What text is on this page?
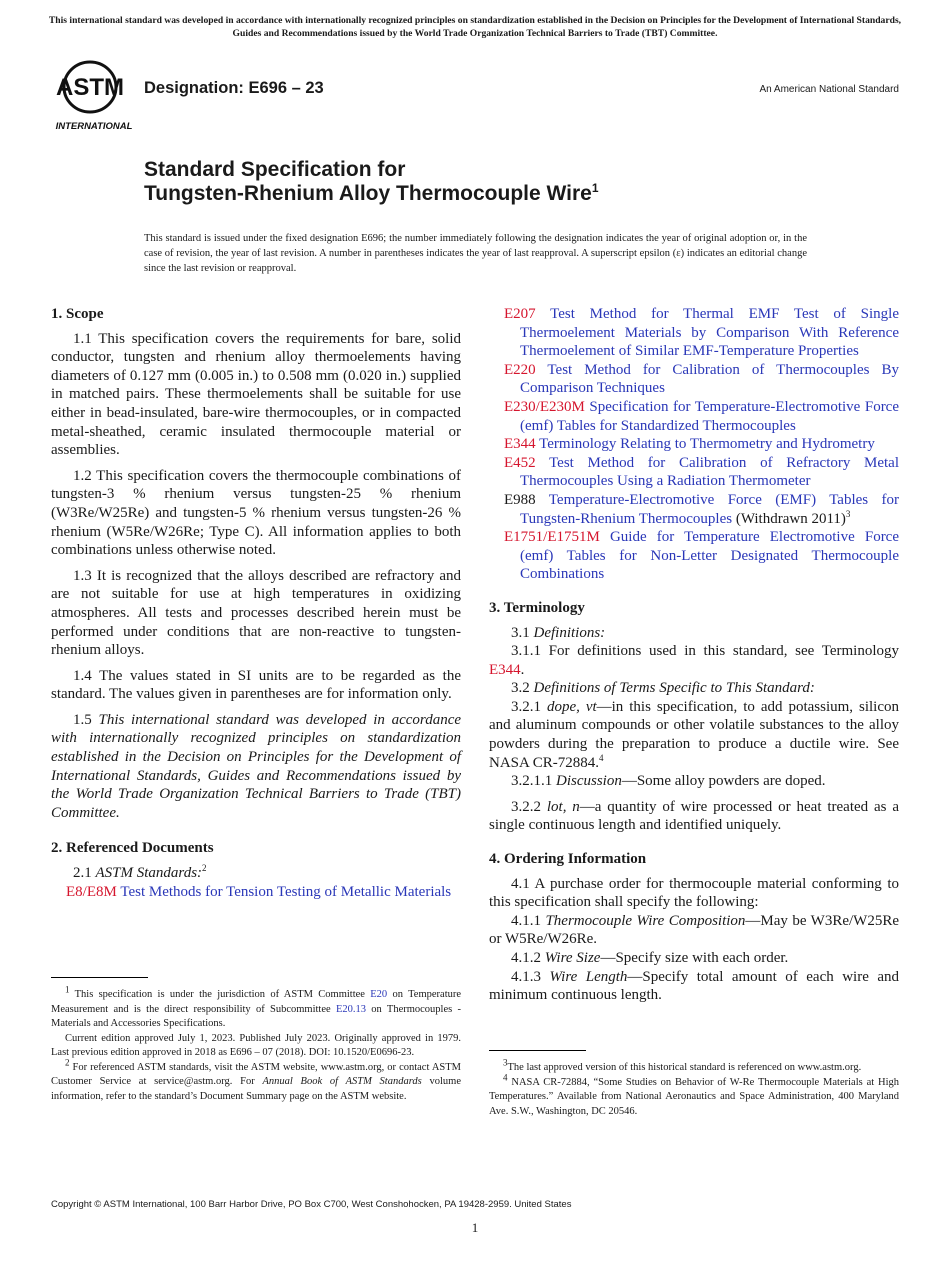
This international standard was developed in accordance with internationally recognized principles on standardization established in the Decision on Principles for the Development of International Standards, Guides and Recommendations issued by the World Trade Organization Technical Barriers to Trade (TBT) Committee.
ASTM
INTERNATIONAL
Designation: E696 – 23	An American National Standard
Standard Specification for
Tungsten-Rhenium Alloy Thermocouple Wire$^1$
This standard is issued under the fixed designation E696; the number immediately following the designation indicates the year of original adoption or, in the case of revision, the year of last revision. A number in parentheses indicates the year of last reapproval. A superscript epsilon (ε) indicates an editorial change since the last revision or reapproval.

1. Scope

1.1 This specification covers the requirements for bare, solid conductor, tungsten and rhenium alloy thermoelements having diameters of 0.127 mm (0.005 in.) to 0.508 mm (0.020 in.) supplied in matched pairs. These thermoelements shall be suitable for use either in bead-insulated, bare-wire thermocouples, or in compacted metal-sheathed, ceramic insulated thermocouple material or assemblies.

1.2 This specification covers the thermocouple combinations of tungsten-3 % rhenium versus tungsten-25 % rhenium (W3Re/W25Re) and tungsten-5 % rhenium versus tungsten-26 % rhenium (W5Re/W26Re; Type C). All information applies to both combinations unless otherwise noted.

1.3 It is recognized that the alloys described are refractory and are not suitable for use at high temperatures in oxidizing atmospheres. All tests and processes described herein must be performed under conditions that are non-reactive to tungsten-rhenium alloys.

1.4 The values stated in SI units are to be regarded as the standard. The values given in parentheses are for information only.

1.5 This international standard was developed in accordance with internationally recognized principles on standardization established in the Decision on Principles for the Development of International Standards, Guides and Recommendations issued by the World Trade Organization Technical Barriers to Trade (TBT) Committee.

2. Referenced Documents

2.1 ASTM Standards:$^2$

E8/E8M Test Methods for Tension Testing of Metallic Materials

$^1$ This specification is under the jurisdiction of ASTM Committee E20 on Temperature Measurement and is the direct responsibility of Subcommittee E20.13 on Thermocouples - Materials and Accessories Specifications.

Current edition approved July 1, 2023. Published July 2023. Originally approved in 1979. Last previous edition approved in 2018 as E696 – 07 (2018). DOI: 10.1520/E0696-23.

$^2$ For referenced ASTM standards, visit the ASTM website, www.astm.org, or contact ASTM Customer Service at service@astm.org. For Annual Book of ASTM Standards volume information, refer to the standard’s Document Summary page on the ASTM website.

E207 Test Method for Thermal EMF Test of Single Thermoelement Materials by Comparison With Reference Thermoelement of Similar EMF-Temperature Properties

E220 Test Method for Calibration of Thermocouples By Comparison Techniques

E230/E230M Specification for Temperature-Electromotive Force (emf) Tables for Standardized Thermocouples

E344 Terminology Relating to Thermometry and Hydrometry

E452 Test Method for Calibration of Refractory Metal Thermocouples Using a Radiation Thermometer

E988 Temperature-Electromotive Force (EMF) Tables for Tungsten-Rhenium Thermocouples (Withdrawn 2011)$^3$

E1751/E1751M Guide for Temperature Electromotive Force (emf) Tables for Non-Letter Designated Thermocouple Combinations

3. Terminology

3.1 Definitions:

3.1.1 For definitions used in this standard, see Terminology E344.

3.2 Definitions of Terms Specific to This Standard:

3.2.1 dope, vt—in this specification, to add potassium, silicon and aluminum compounds or other volatile substances to the alloy powders during the preparation to produce a ductile wire. See NASA CR-72884.$^4$

3.2.1.1 Discussion—Some alloy powders are doped.

3.2.2 lot, n—a quantity of wire processed or heat treated as a single continuous length and identified uniquely.

4. Ordering Information

4.1 A purchase order for thermocouple material conforming to this specification shall specify the following:

4.1.1 Thermocouple Wire Composition—May be W3Re/W25Re or W5Re/W26Re.

4.1.2 Wire Size—Specify size with each order.

4.1.3 Wire Length—Specify total amount of each wire and minimum continuous length.

$^3$The last approved version of this historical standard is referenced on www.astm.org.

$^4$ NASA CR-72884, “Some Studies on Behavior of W-Re Thermocouple Materials at High Temperatures.” Available from National Aeronautics and Space Administration, 400 Maryland Ave. S.W., Washington, DC 20546.

Copyright © ASTM International, 100 Barr Harbor Drive, PO Box C700, West Conshohocken, PA 19428-2959. United States
1
